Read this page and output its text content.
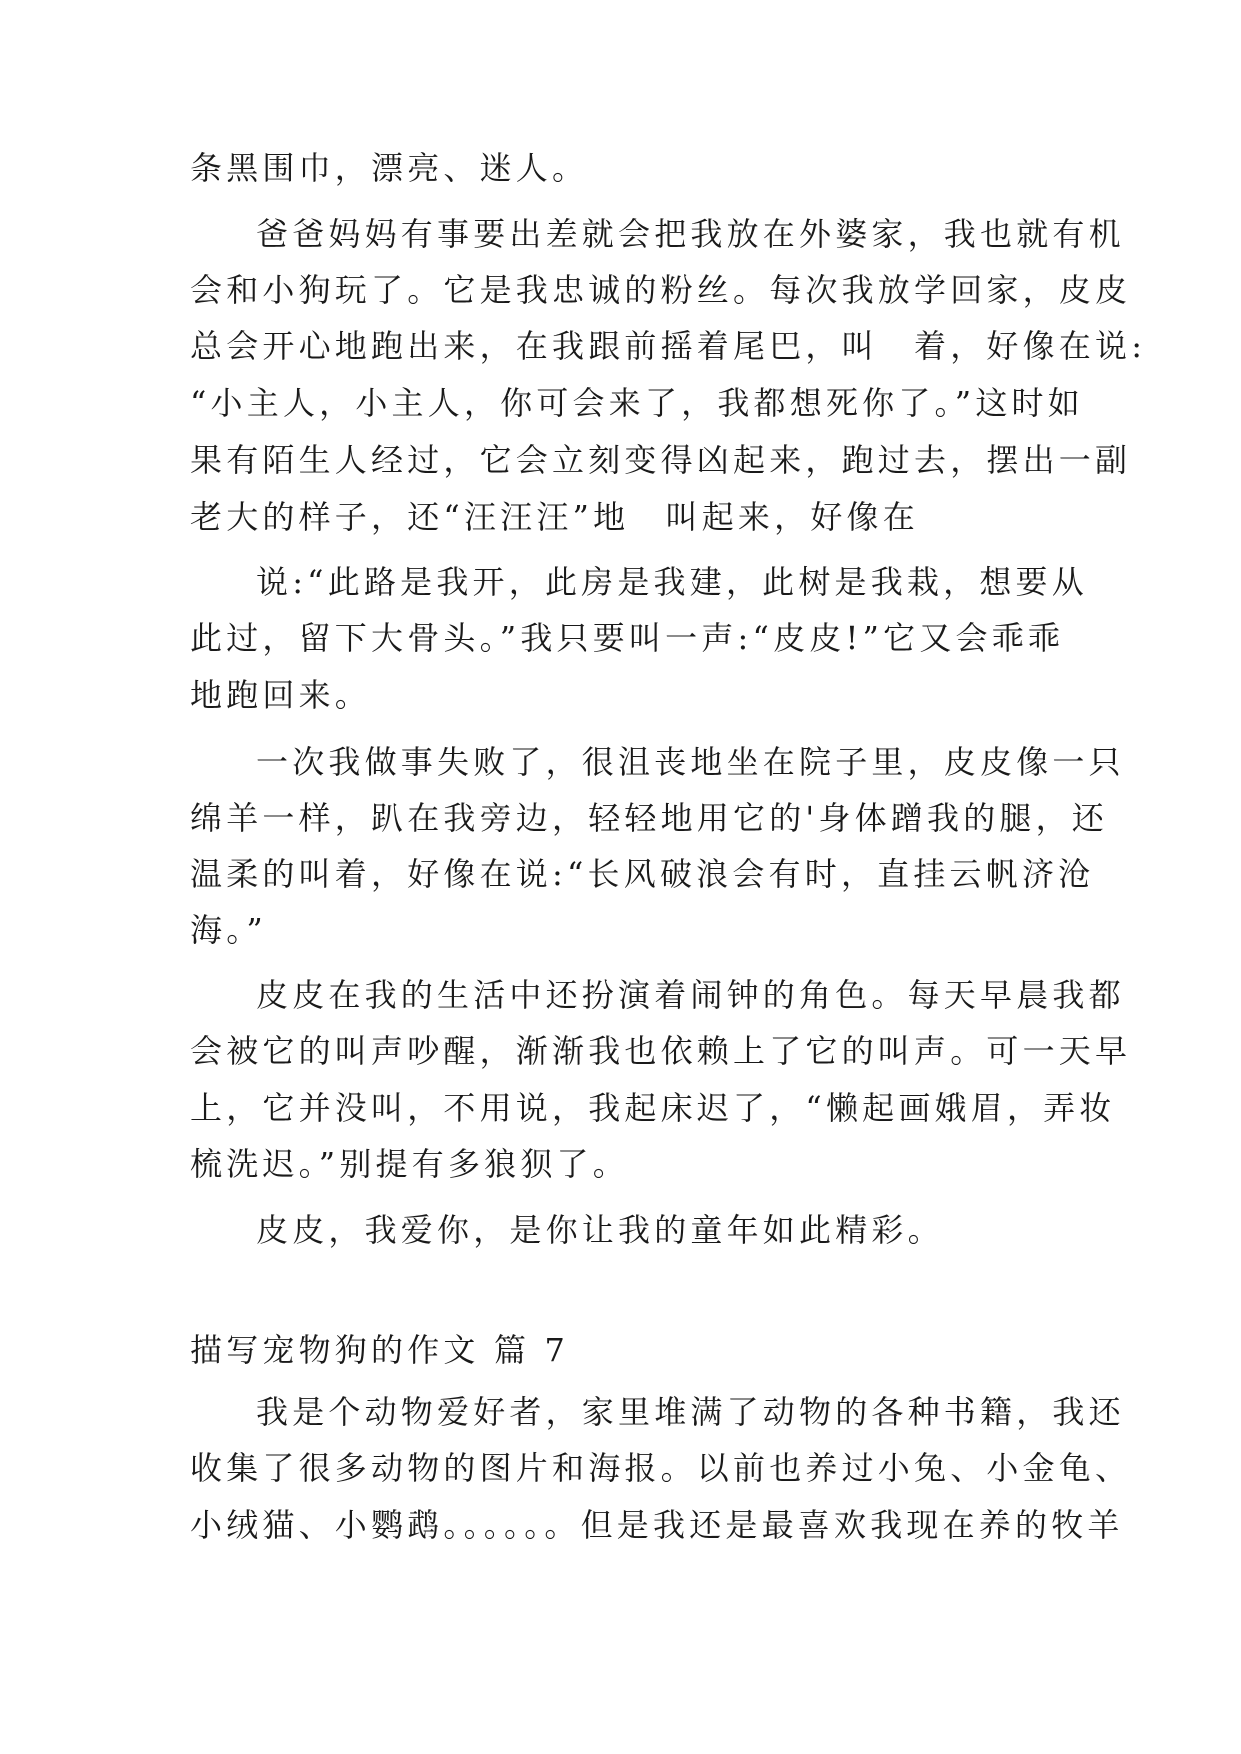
条黑围巾，漂亮、迷人。
爸爸妈妈有事要出差就会把我放在外婆家，我也就有机
会和小狗玩了。它是我忠诚的粉丝。每次我放学回家，皮皮
总会开心地跑出来，在我跟前摇着尾巴，叫　着，好像在说:
“小主人，小主人，你可会来了，我都想死你了。”这时如
果有陌生人经过，它会立刻变得凶起来，跑过去，摆出一副
老大的样子，还“汪汪汪”地　叫起来，好像在
说:“此路是我开，此房是我建，此树是我栽，想要从
此过，留下大骨头。”我只要叫一声:“皮皮!”它又会乖乖
地跑回来。
一次我做事失败了，很沮丧地坐在院子里，皮皮像一只
绵羊一样，趴在我旁边，轻轻地用它的'身体蹭我的腿，还
温柔的叫着，好像在说:“长风破浪会有时，直挂云帆济沧
海。”
皮皮在我的生活中还扮演着闹钟的角色。每天早晨我都
会被它的叫声吵醒，渐渐我也依赖上了它的叫声。可一天早
上，它并没叫，不用说，我起床迟了，“懒起画娥眉，弄妆
梳洗迟。”别提有多狼狈了。
皮皮，我爱你，是你让我的童年如此精彩。
描写宠物狗的作文 篇 7
我是个动物爱好者，家里堆满了动物的各种书籍，我还
收集了很多动物的图片和海报。以前也养过小兔、小金龟、
小绒猫、小鹦鹉。。。。。。但是我还是最喜欢我现在养的牧羊
